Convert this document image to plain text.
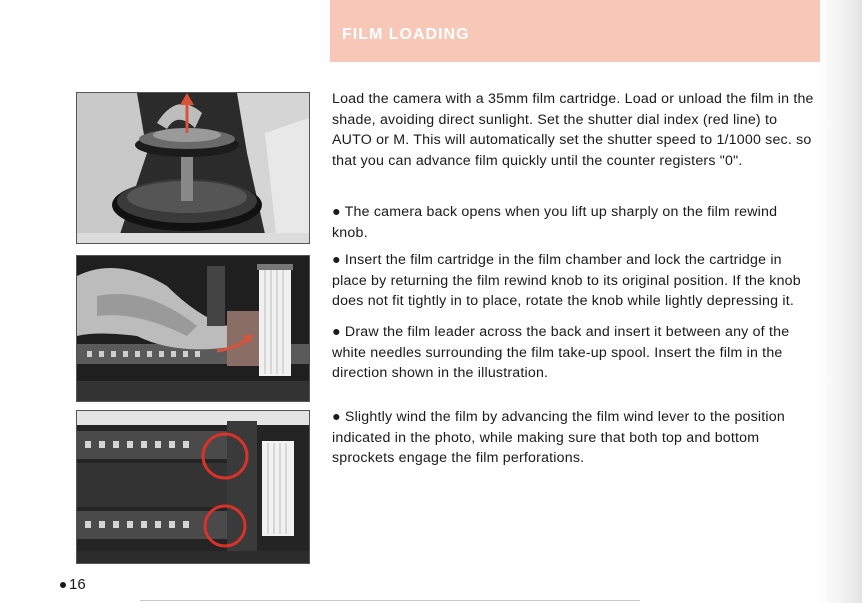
FILM LOADING

Load the camera with a 35mm film cartridge. Load or unload the film in the shade, avoiding direct sunlight. Set the shutter dial index (red line) to AUTO or M. This will automatically set the shutter speed to 1/1000 sec. so that you can advance film quickly until the counter registers "0".

● The camera back opens when you lift up sharply on the film rewind knob.

● Insert the film cartridge in the film chamber and lock the cartridge in place by returning the film rewind knob to its original position. If the knob does not fit tightly in to place, rotate the knob while lightly depressing it.

● Draw the film leader across the back and insert it between any of the white needles surrounding the film take-up spool. Insert the film in the direction shown in the illustration.

● Slightly wind the film by advancing the film wind lever to the position indicated in the photo, while making sure that both top and bottom sprockets engage the film perforations.

16
